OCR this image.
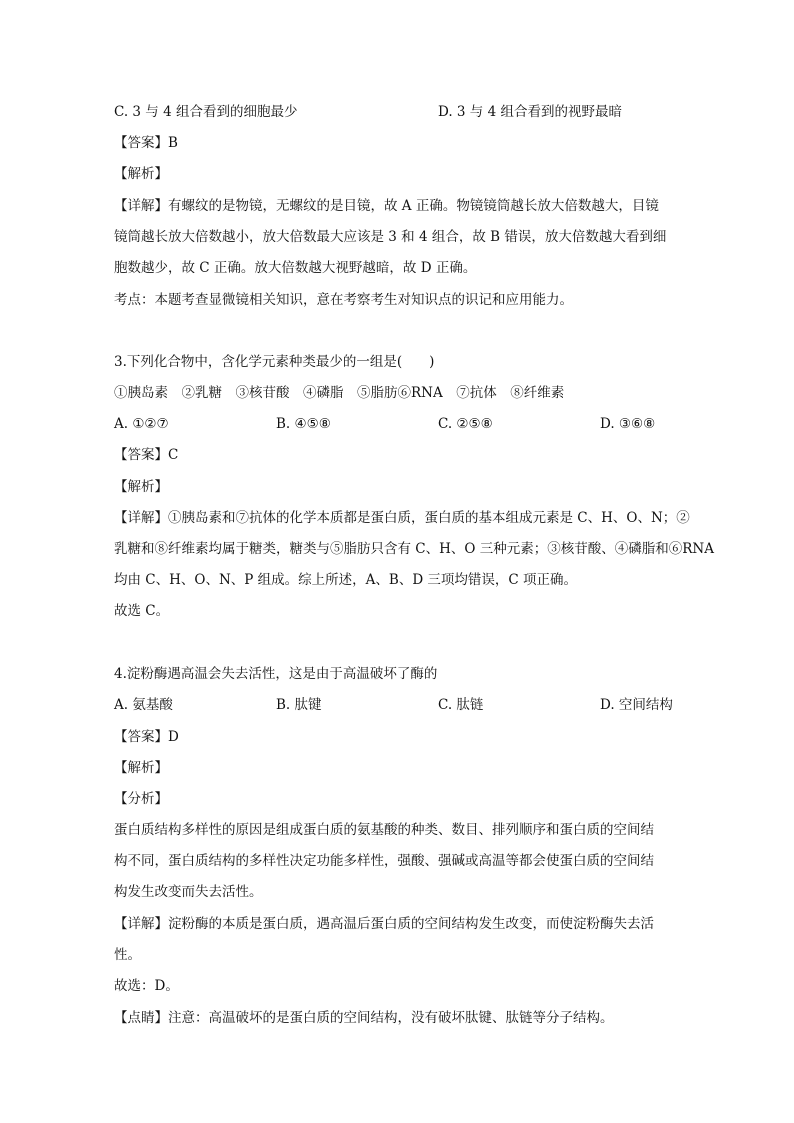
C. 3 与 4 组合看到的细胞最少	D. 3 与 4 组合看到的视野最暗
【答案】B
【解析】
【详解】有螺纹的是物镜，无螺纹的是目镜，故 A 正确。物镜镜筒越长放大倍数越大，目镜
镜筒越长放大倍数越小，放大倍数最大应该是 3 和 4 组合，故 B 错误，放大倍数越大看到细
胞数越少，故 C 正确。放大倍数越大视野越暗，故 D 正确。
考点：本题考查显微镜相关知识，意在考察考生对知识点的识记和应用能力。
3.下列化合物中，含化学元素种类最少的一组是(　　)
①胰岛素　②乳糖　③核苷酸　④磷脂　⑤脂肪⑥RNA　⑦抗体　⑧纤维素
A. ①②⑦	B. ④⑤⑧	C. ②⑤⑧	D. ③⑥⑧
【答案】C
【解析】
【详解】①胰岛素和⑦抗体的化学本质都是蛋白质，蛋白质的基本组成元素是 C、H、O、N；②
乳糖和⑧纤维素均属于糖类，糖类与⑤脂肪只含有 C、H、O 三种元素；③核苷酸、④磷脂和⑥RNA
均由 C、H、O、N、P 组成。综上所述，A、B、D 三项均错误，C 项正确。
故选 C。
4.淀粉酶遇高温会失去活性，这是由于高温破坏了酶的
A. 氨基酸	B. 肽键	C. 肽链	D. 空间结构
【答案】D
【解析】
【分析】
蛋白质结构多样性的原因是组成蛋白质的氨基酸的种类、数目、排列顺序和蛋白质的空间结
构不同，蛋白质结构的多样性决定功能多样性，强酸、强碱或高温等都会使蛋白质的空间结
构发生改变而失去活性。
【详解】淀粉酶的本质是蛋白质，遇高温后蛋白质的空间结构发生改变，而使淀粉酶失去活
性。
故选：D。
【点睛】注意：高温破坏的是蛋白质的空间结构，没有破坏肽键、肽链等分子结构。
